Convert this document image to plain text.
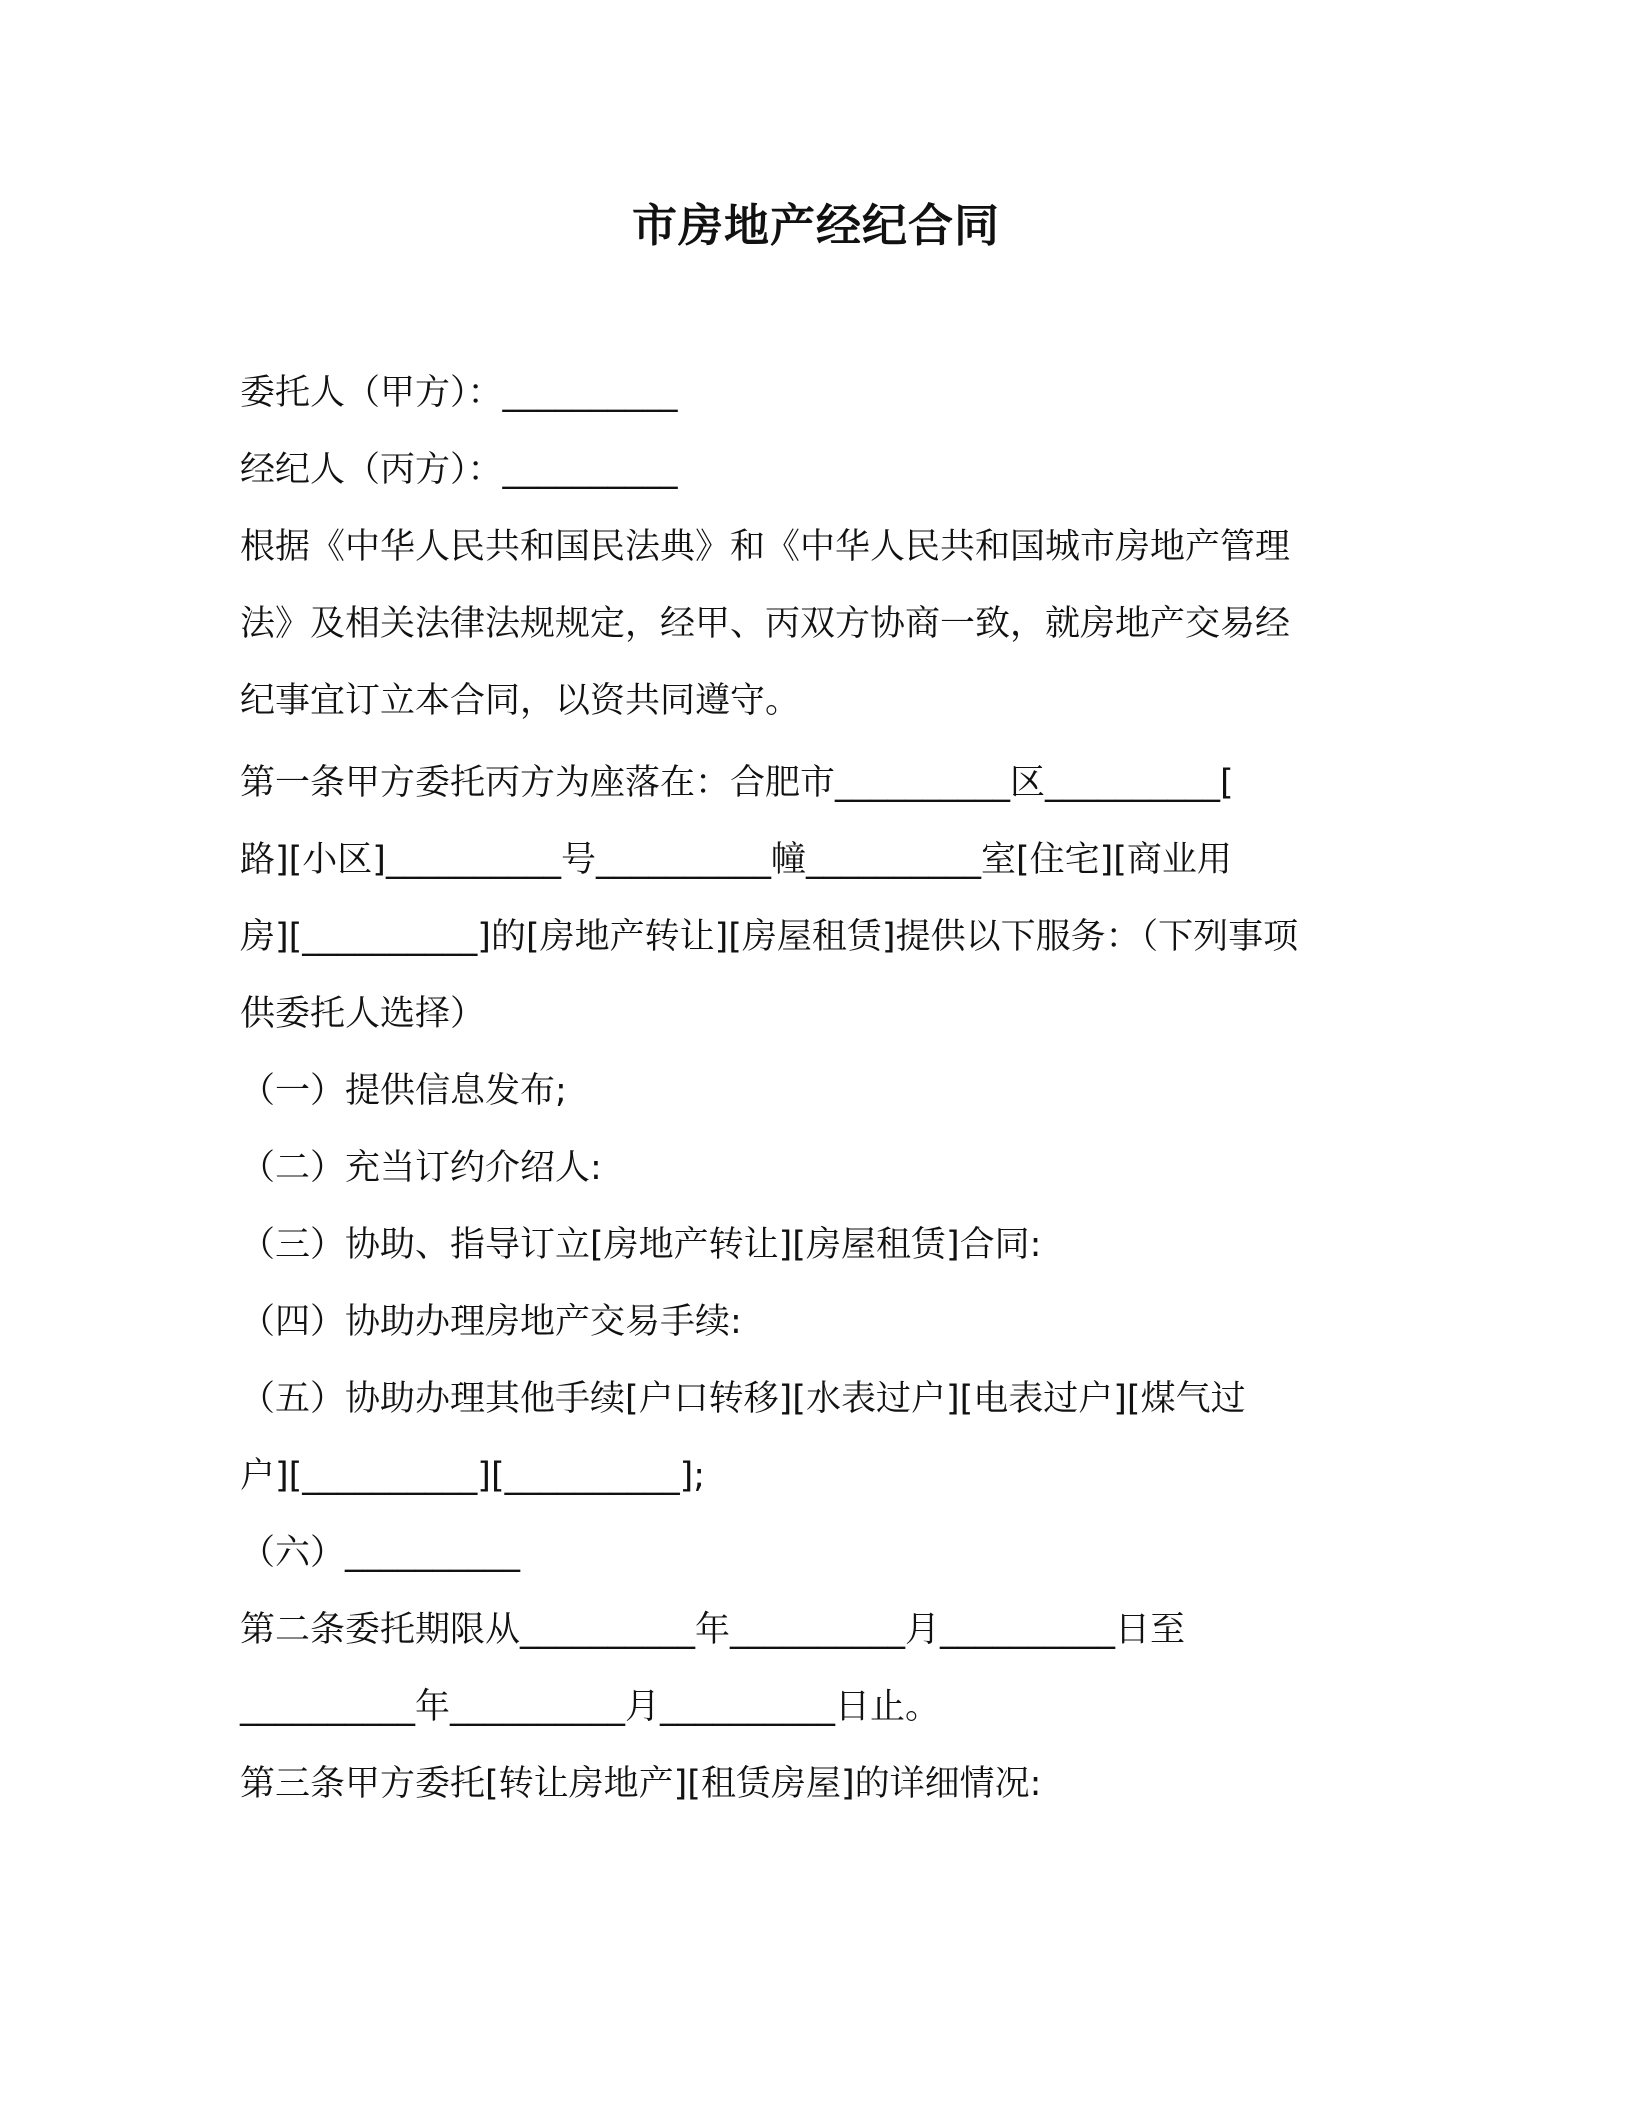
市房地产经纪合同
委托人（甲方）：__________
经纪人（丙方）：__________
根据《中华人民共和国民法典》和《中华人民共和国城市房地产管理
法》及相关法律法规规定，经甲、丙双方协商一致，就房地产交易经
纪事宜订立本合同，以资共同遵守。
第一条甲方委托丙方为座落在：合肥市__________区__________[
路][小区]__________号__________幢__________室[住宅][商业用
房][__________]的[房地产转让][房屋租赁]提供以下服务：（下列事项
供委托人选择）
（一）提供信息发布;
（二）充当订约介绍人:
（三）协助、指导订立[房地产转让][房屋租赁]合同:
（四）协助办理房地产交易手续:
（五）协助办理其他手续[户口转移][水表过户][电表过户][煤气过
户][__________][__________];
（六）__________
第二条委托期限从__________年__________月__________日至
__________年__________月__________日止。
第三条甲方委托[转让房地产][租赁房屋]的详细情况:
